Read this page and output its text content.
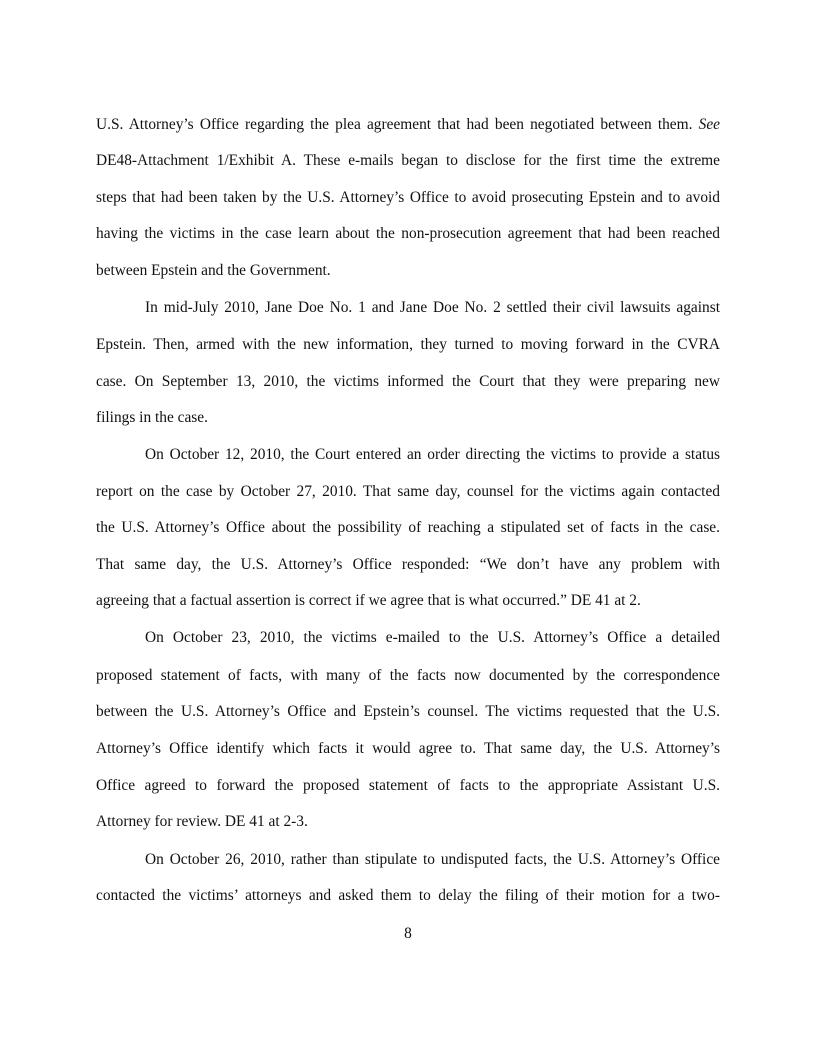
U.S. Attorney’s Office regarding the plea agreement that had been negotiated between them. See
DE48-Attachment 1/Exhibit A. These e-mails began to disclose for the first time the extreme
steps that had been taken by the U.S. Attorney’s Office to avoid prosecuting Epstein and to avoid
having the victims in the case learn about the non-prosecution agreement that had been reached
between Epstein and the Government.
In mid-July 2010, Jane Doe No. 1 and Jane Doe No. 2 settled their civil lawsuits against
Epstein. Then, armed with the new information, they turned to moving forward in the CVRA
case. On September 13, 2010, the victims informed the Court that they were preparing new
filings in the case.
On October 12, 2010, the Court entered an order directing the victims to provide a status
report on the case by October 27, 2010. That same day, counsel for the victims again contacted
the U.S. Attorney’s Office about the possibility of reaching a stipulated set of facts in the case.
That same day, the U.S. Attorney’s Office responded: “We don’t have any problem with
agreeing that a factual assertion is correct if we agree that is what occurred.” DE 41 at 2.
On October 23, 2010, the victims e-mailed to the U.S. Attorney’s Office a detailed
proposed statement of facts, with many of the facts now documented by the correspondence
between the U.S. Attorney’s Office and Epstein’s counsel. The victims requested that the U.S.
Attorney’s Office identify which facts it would agree to. That same day, the U.S. Attorney’s
Office agreed to forward the proposed statement of facts to the appropriate Assistant U.S.
Attorney for review. DE 41 at 2-3.
On October 26, 2010, rather than stipulate to undisputed facts, the U.S. Attorney’s Office
contacted the victims’ attorneys and asked them to delay the filing of their motion for a two-
8
